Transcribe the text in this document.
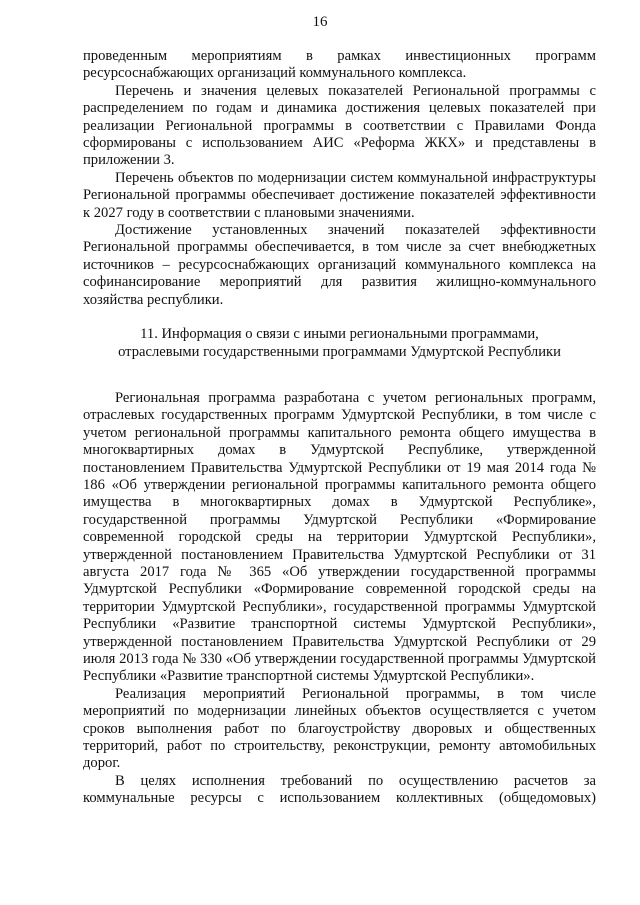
16

проведенным мероприятиям в рамках инвестиционных программ ресурсоснабжающих организаций коммунального комплекса.

Перечень и значения целевых показателей Региональной программы с распределением по годам и динамика достижения целевых показателей при реализации Региональной программы в соответствии с Правилами Фонда сформированы с использованием АИС «Реформа ЖКХ» и представлены в приложении 3.

Перечень объектов по модернизации систем коммунальной инфраструктуры Региональной программы обеспечивает достижение показателей эффективности к 2027 году в соответствии с плановыми значениями.

Достижение установленных значений показателей эффективности Региональной программы обеспечивается, в том числе за счет внебюджетных источников – ресурсоснабжающих организаций коммунального комплекса на софинансирование мероприятий для развития жилищно-коммунального хозяйства республики.

11. Информация о связи с иными региональными программами,
отраслевыми государственными программами Удмуртской Республики

Региональная программа разработана с учетом региональных программ, отраслевых государственных программ Удмуртской Республики, в том числе с учетом региональной программы капитального ремонта общего имущества в многоквартирных домах в Удмуртской Республике, утвержденной постановлением Правительства Удмуртской Республики от 19 мая 2014 года № 186 «Об утверждении региональной программы капитального ремонта общего имущества в многоквартирных домах в Удмуртской Республике», государственной программы Удмуртской Республики «Формирование современной городской среды на территории Удмуртской Республики», утвержденной постановлением Правительства Удмуртской Республики от 31 августа 2017 года № 365 «Об утверждении государственной программы Удмуртской Республики «Формирование современной городской среды на территории Удмуртской Республики», государственной программы Удмуртской Республики «Развитие транспортной системы Удмуртской Республики», утвержденной постановлением Правительства Удмуртской Республики от 29 июля 2013 года № 330 «Об утверждении государственной программы Удмуртской Республики «Развитие транспортной системы Удмуртской Республики».

Реализация мероприятий Региональной программы, в том числе мероприятий по модернизации линейных объектов осуществляется с учетом сроков выполнения работ по благоустройству дворовых и общественных территорий, работ по строительству, реконструкции, ремонту автомобильных дорог.

В целях исполнения требований по осуществлению расчетов за коммунальные ресурсы с использованием коллективных (общедомовых)
